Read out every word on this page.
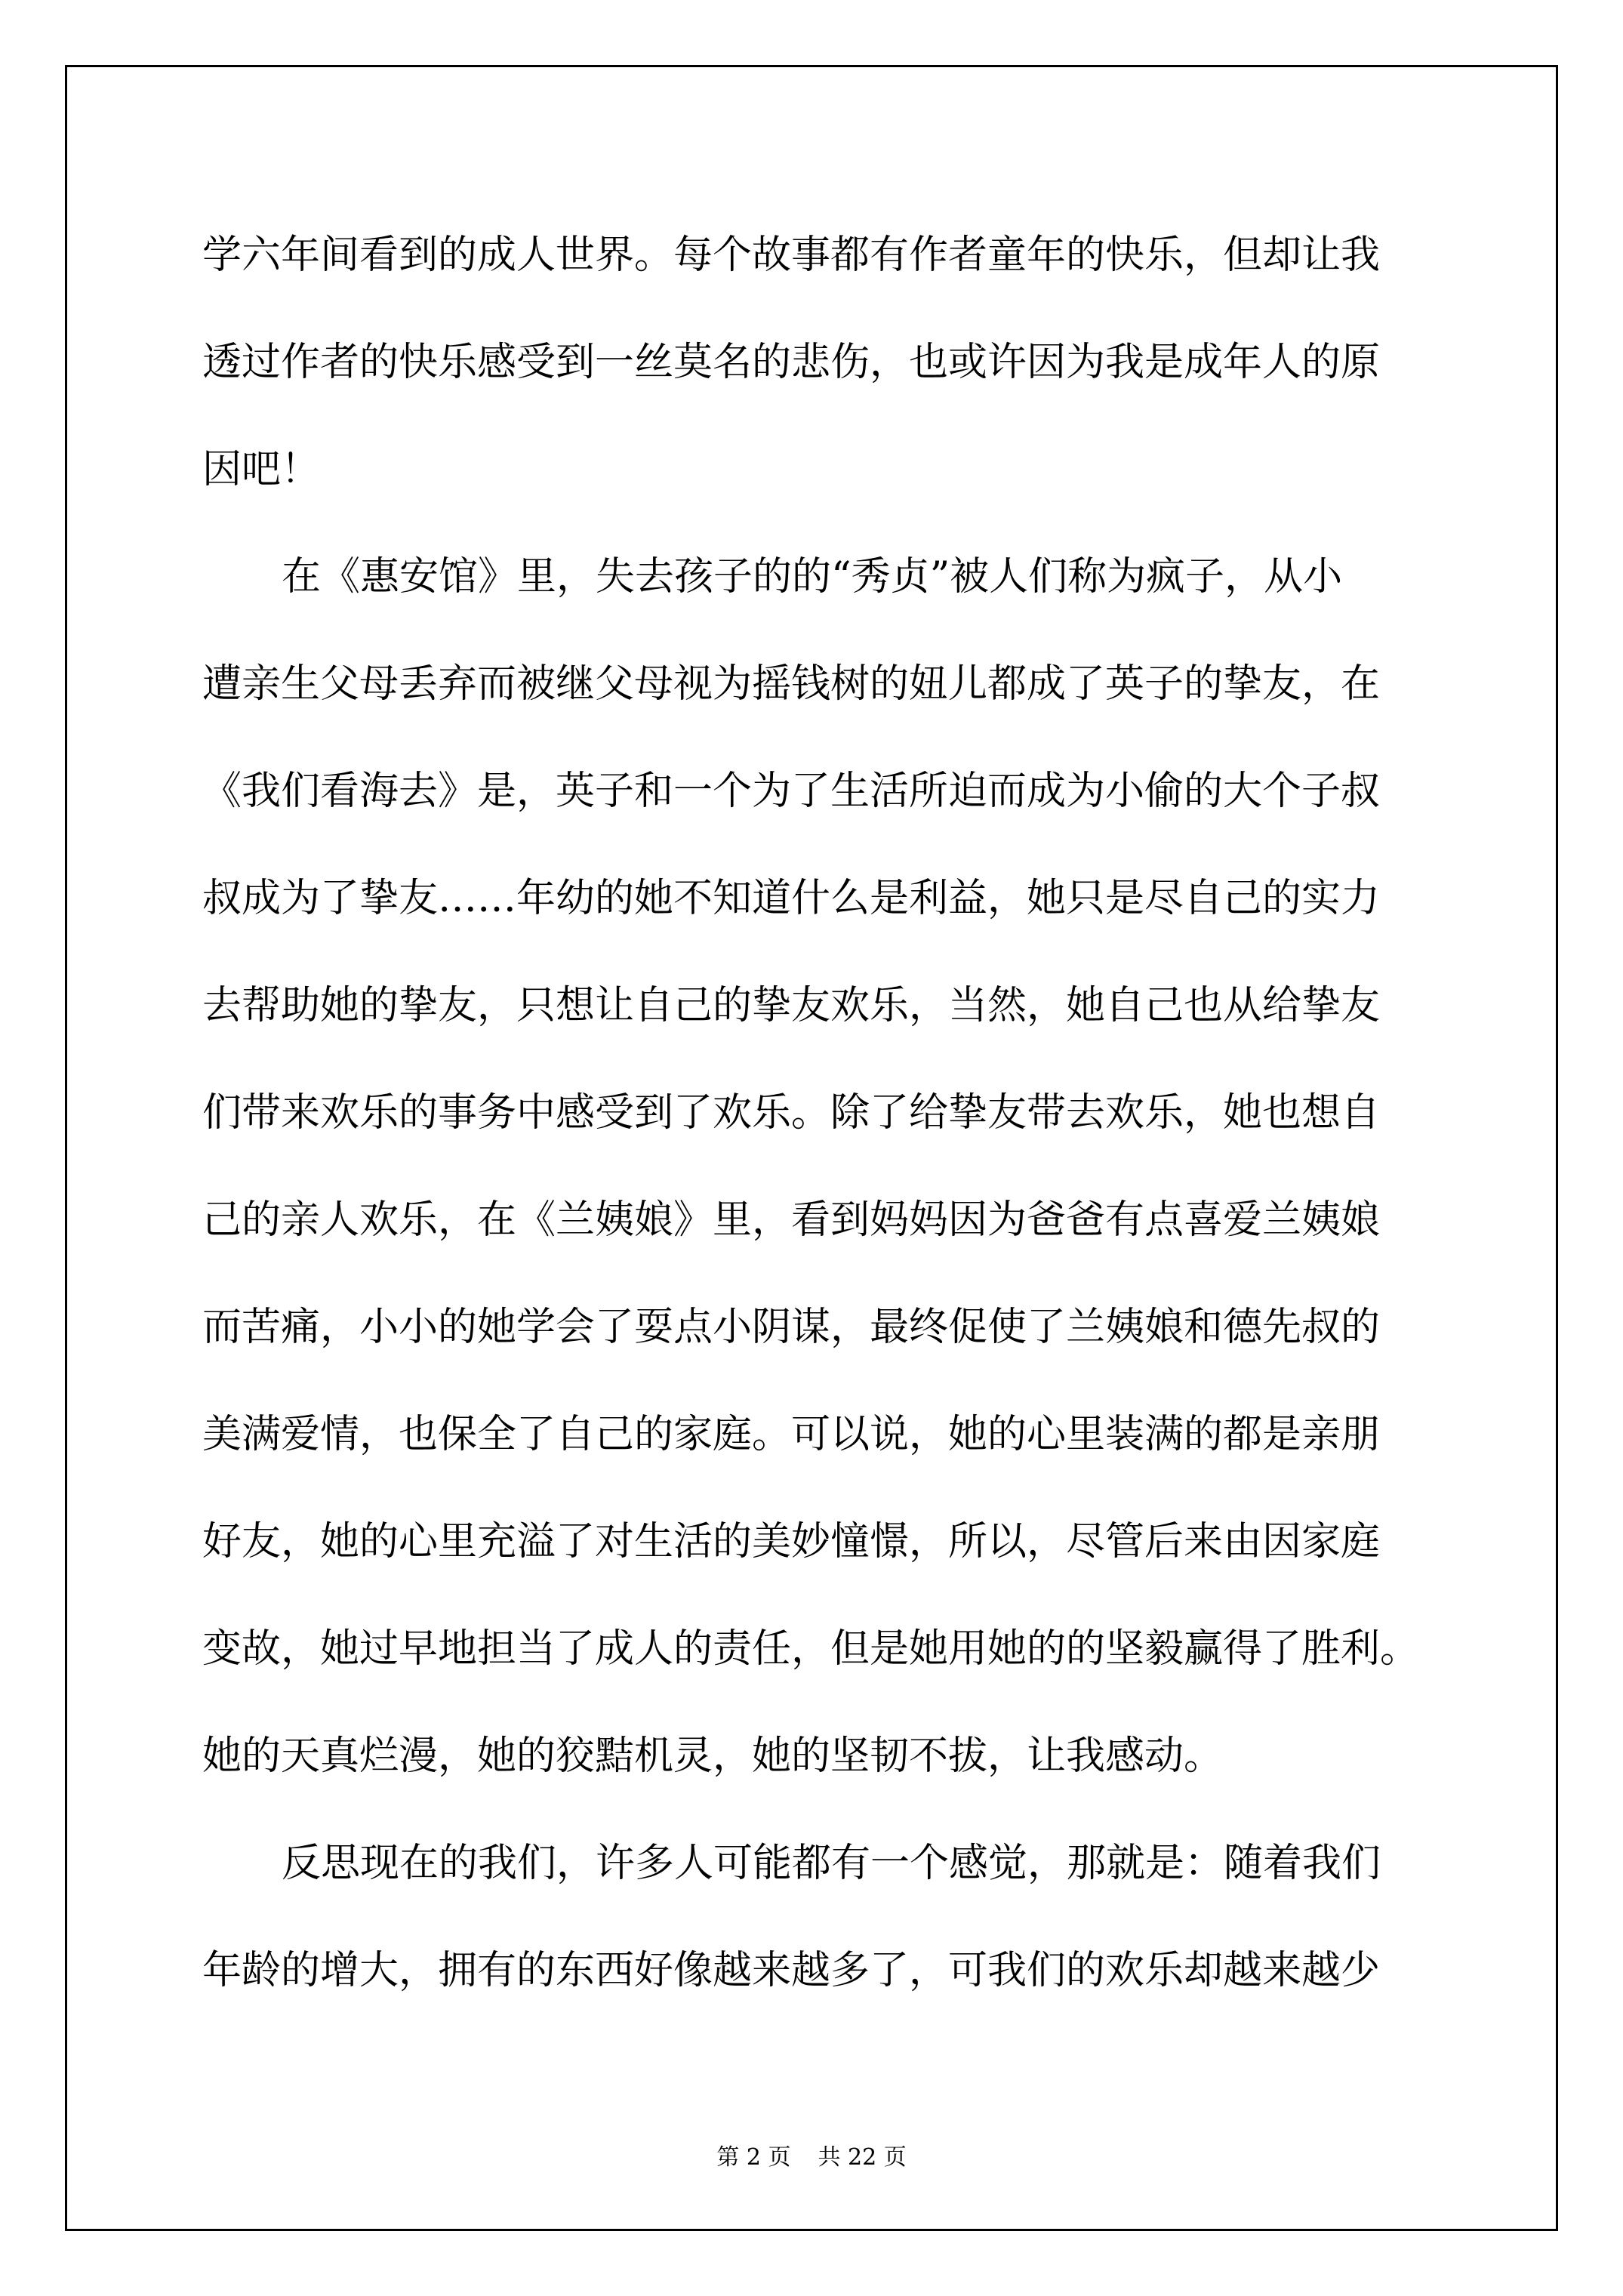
学六年间看到的成人世界。每个故事都有作者童年的快乐，但却让我
透过作者的快乐感受到一丝莫名的悲伤，也或许因为我是成年人的原
因吧！
在《惠安馆》里，失去孩子的的“秀贞”被人们称为疯子，从小
遭亲生父母丢弃而被继父母视为摇钱树的妞儿都成了英子的挚友，在
《我们看海去》是，英子和一个为了生活所迫而成为小偷的大个子叔
叔成为了挚友……年幼的她不知道什么是利益，她只是尽自己的实力
去帮助她的挚友，只想让自己的挚友欢乐，当然，她自己也从给挚友
们带来欢乐的事务中感受到了欢乐。除了给挚友带去欢乐，她也想自
己的亲人欢乐，在《兰姨娘》里，看到妈妈因为爸爸有点喜爱兰姨娘
而苦痛，小小的她学会了耍点小阴谋，最终促使了兰姨娘和德先叔的
美满爱情，也保全了自己的家庭。可以说，她的心里装满的都是亲朋
好友，她的心里充溢了对生活的美妙憧憬，所以，尽管后来由因家庭
变故，她过早地担当了成人的责任，但是她用她的的坚毅赢得了胜利。
她的天真烂漫，她的狡黠机灵，她的坚韧不拔，让我感动。
反思现在的我们，许多人可能都有一个感觉，那就是：随着我们
年龄的增大，拥有的东西好像越来越多了，可我们的欢乐却越来越少
第 2 页 共 22 页
